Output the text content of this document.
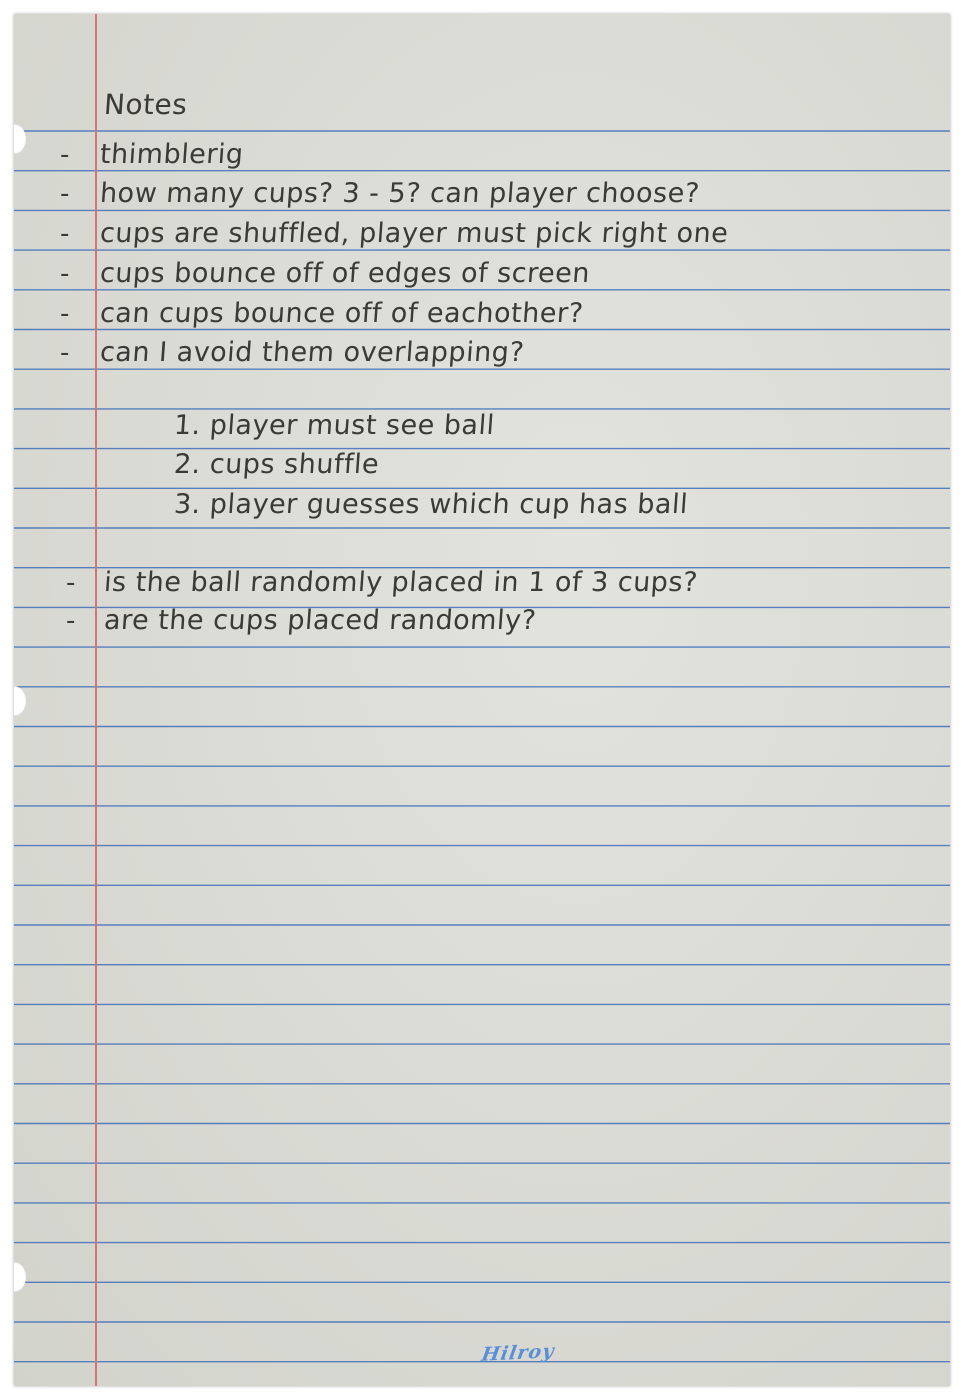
Notes

- thimblerig

- how many cups? 3 - 5? can player choose?

- cups are shuffled, player must pick right one

- cups bounce off of edges of screen

- can cups bounce off of eachother?

- can I avoid them overlapping?

1. player must see ball

2. cups shuffle

3. player guesses which cup has ball

- is the ball randomly placed in 1 of 3 cups?

- are the cups placed randomly?

Hilroy
